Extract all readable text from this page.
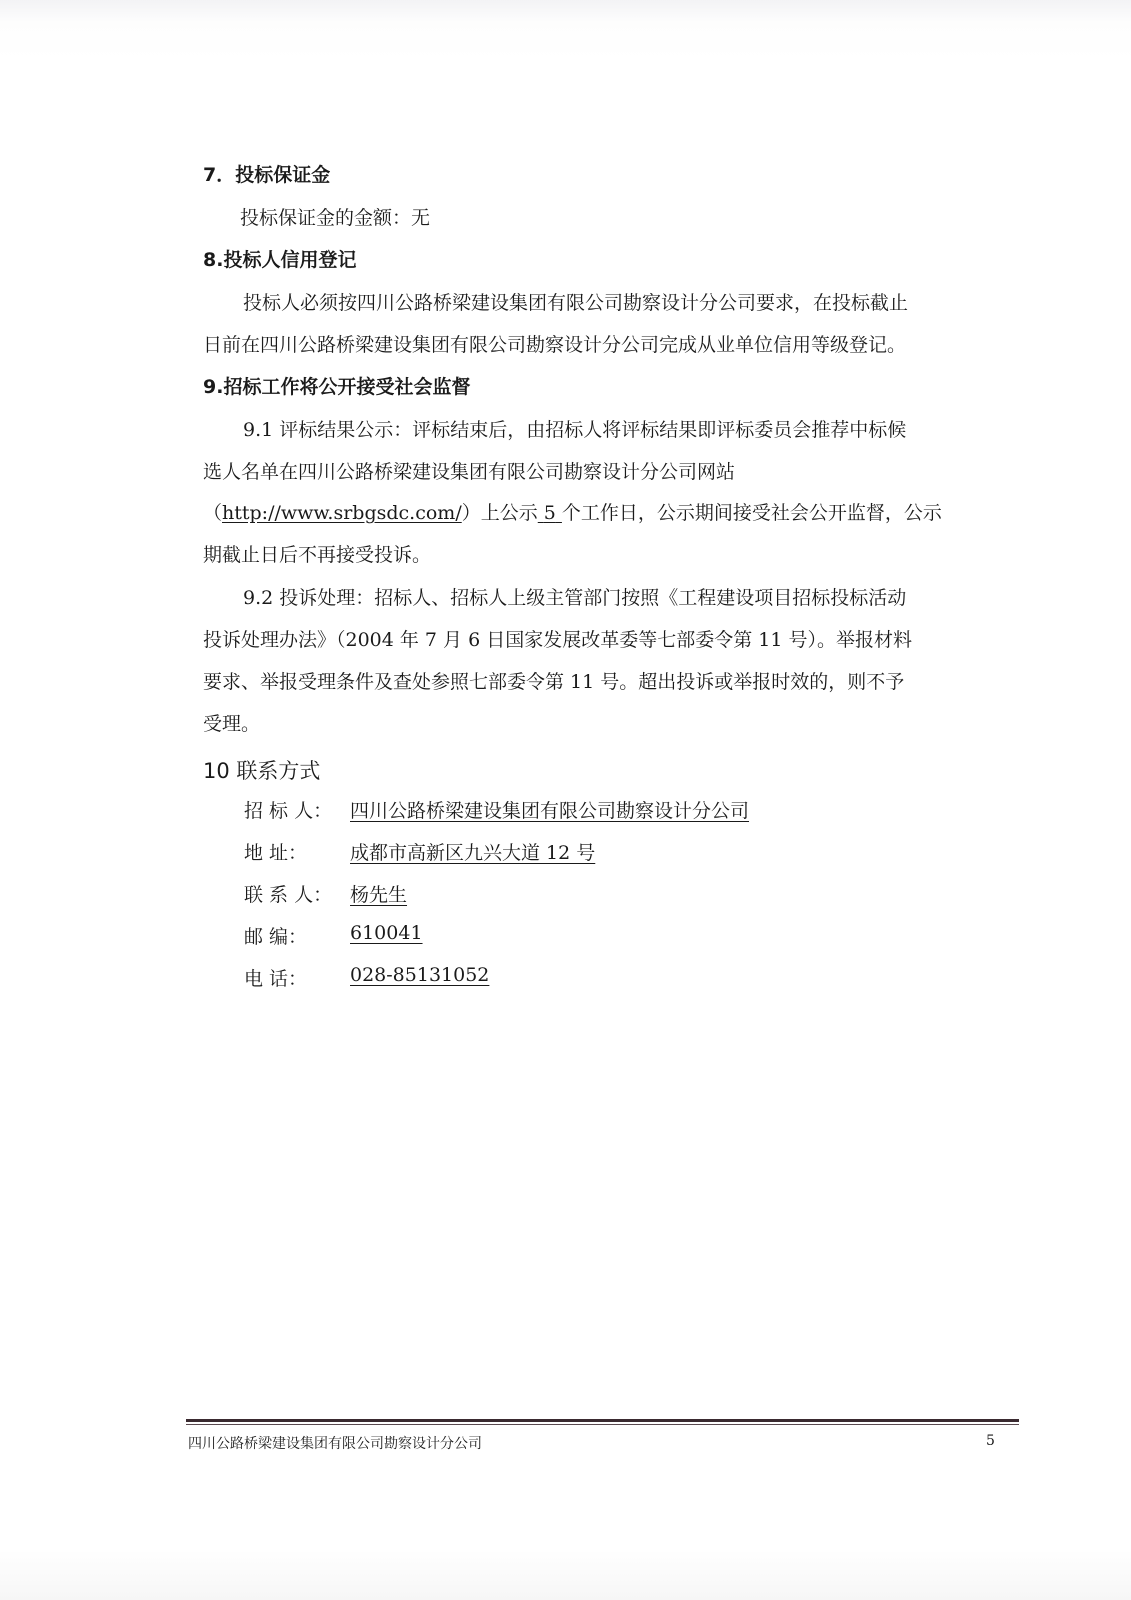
7．投标保证金
投标保证金的金额：无
8.投标人信用登记
投标人必须按四川公路桥梁建设集团有限公司勘察设计分公司要求，在投标截止
日前在四川公路桥梁建设集团有限公司勘察设计分公司完成从业单位信用等级登记。
9.招标工作将公开接受社会监督
9.1 评标结果公示：评标结束后，由招标人将评标结果即评标委员会推荐中标候
选人名单在四川公路桥梁建设集团有限公司勘察设计分公司网站
（http://www.srbgsdc.com/）上公示 5 个工作日，公示期间接受社会公开监督，公示
期截止日后不再接受投诉。
9.2 投诉处理：招标人、招标人上级主管部门按照《工程建设项目招标投标活动
投诉处理办法》（2004 年 7 月 6 日国家发展改革委等七部委令第 11 号）。举报材料
要求、举报受理条件及查处参照七部委令第 11 号。超出投诉或举报时效的，则不予
受理。
10 联系方式
招 标 人： 四川公路桥梁建设集团有限公司勘察设计分公司
地 址： 成都市高新区九兴大道 12 号
联 系 人： 杨先生
邮 编： 610041
电 话： 028-85131052
四川公路桥梁建设集团有限公司勘察设计分公司	5
